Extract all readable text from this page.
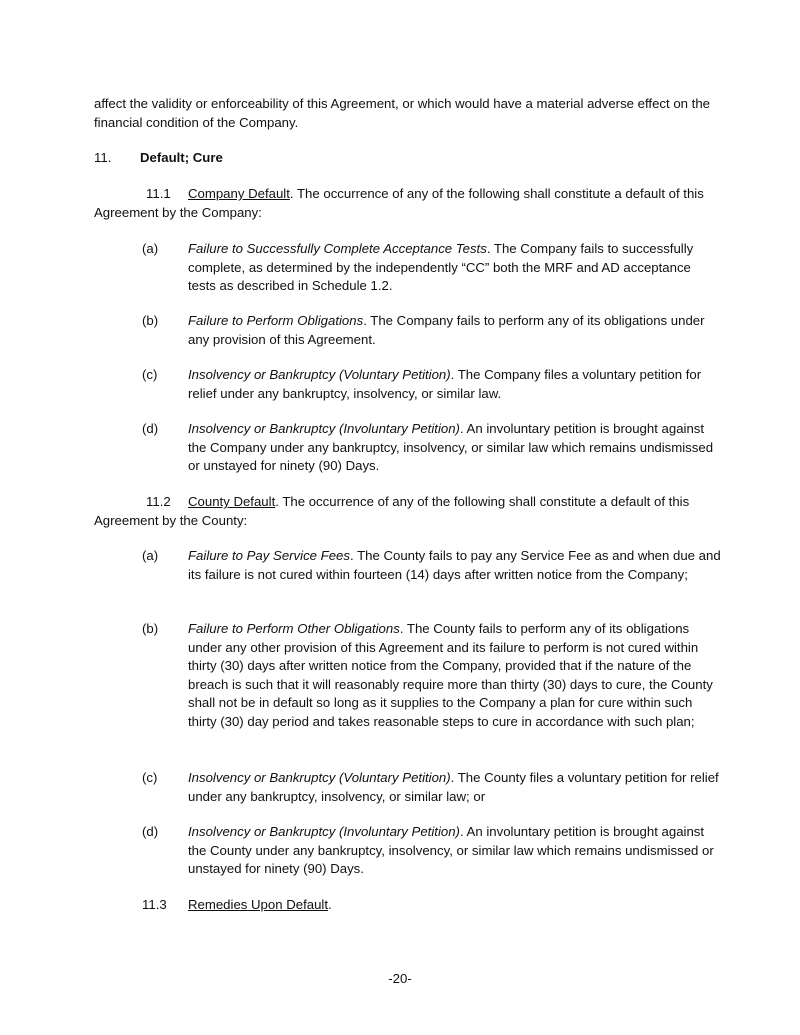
affect the validity or enforceability of this Agreement, or which would have a material adverse effect on the financial condition of the Company.
11. Default; Cure
11.1 Company Default. The occurrence of any of the following shall constitute a default of this Agreement by the Company:
(a) Failure to Successfully Complete Acceptance Tests. The Company fails to successfully complete, as determined by the independently “CC” both the MRF and AD acceptance tests as described in Schedule 1.2.
(b) Failure to Perform Obligations. The Company fails to perform any of its obligations under any provision of this Agreement.
(c) Insolvency or Bankruptcy (Voluntary Petition). The Company files a voluntary petition for relief under any bankruptcy, insolvency, or similar law.
(d) Insolvency or Bankruptcy (Involuntary Petition). An involuntary petition is brought against the Company under any bankruptcy, insolvency, or similar law which remains undismissed or unstayed for ninety (90) Days.
11.2 County Default. The occurrence of any of the following shall constitute a default of this Agreement by the County:
(a) Failure to Pay Service Fees. The County fails to pay any Service Fee as and when due and its failure is not cured within fourteen (14) days after written notice from the Company;
(b) Failure to Perform Other Obligations. The County fails to perform any of its obligations under any other provision of this Agreement and its failure to perform is not cured within thirty (30) days after written notice from the Company, provided that if the nature of the breach is such that it will reasonably require more than thirty (30) days to cure, the County shall not be in default so long as it supplies to the Company a plan for cure within such thirty (30) day period and takes reasonable steps to cure in accordance with such plan;
(c) Insolvency or Bankruptcy (Voluntary Petition). The County files a voluntary petition for relief under any bankruptcy, insolvency, or similar law; or
(d) Insolvency or Bankruptcy (Involuntary Petition). An involuntary petition is brought against the County under any bankruptcy, insolvency, or similar law which remains undismissed or unstayed for ninety (90) Days.
11.3 Remedies Upon Default.
-20-
